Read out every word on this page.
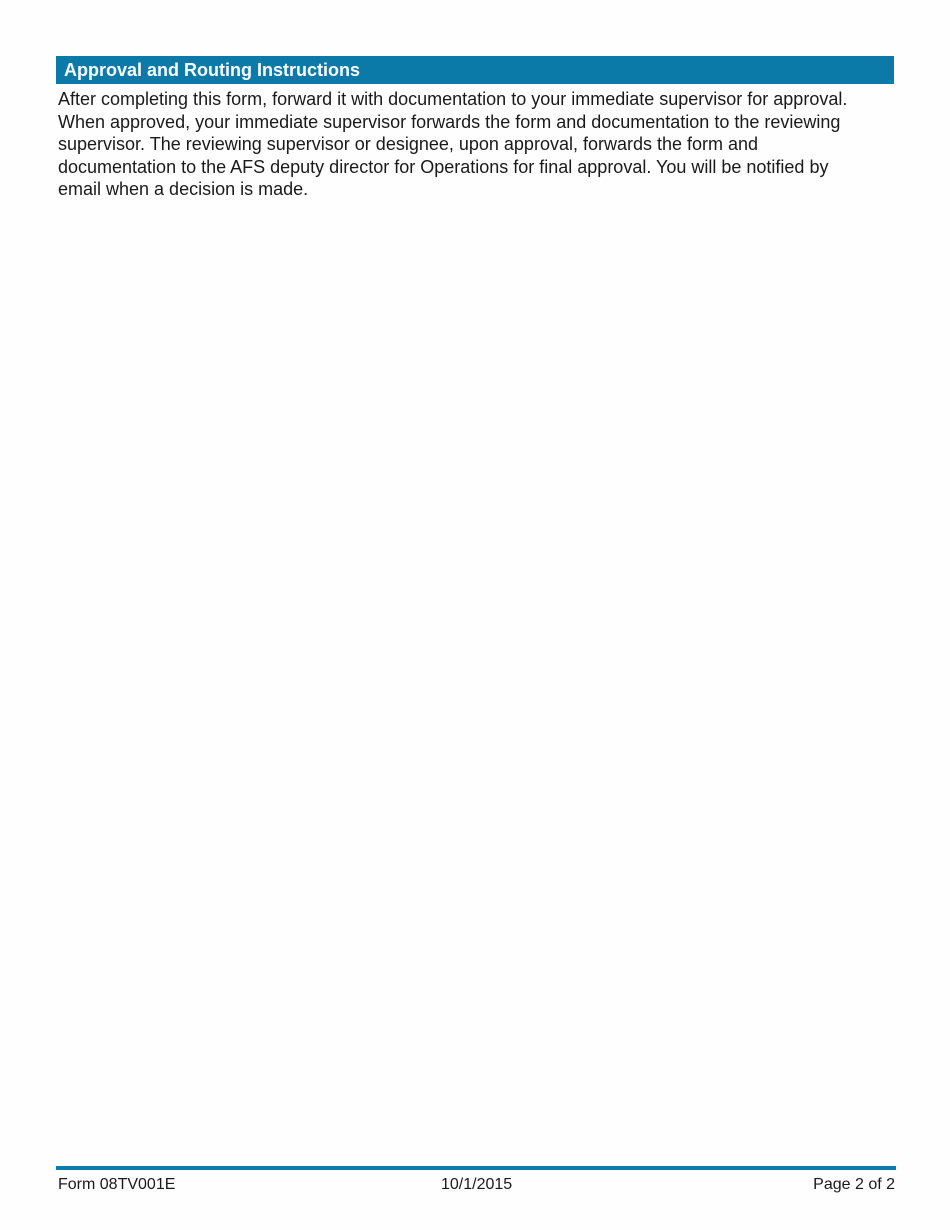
Approval and Routing Instructions

After completing this form, forward it with documentation to your immediate supervisor for approval.
When approved, your immediate supervisor forwards the form and documentation to the reviewing
supervisor. The reviewing supervisor or designee, upon approval, forwards the form and
documentation to the AFS deputy director for Operations for final approval. You will be notified by
email when a decision is made.

Form 08TV001E	10/1/2015	Page 2 of 2
